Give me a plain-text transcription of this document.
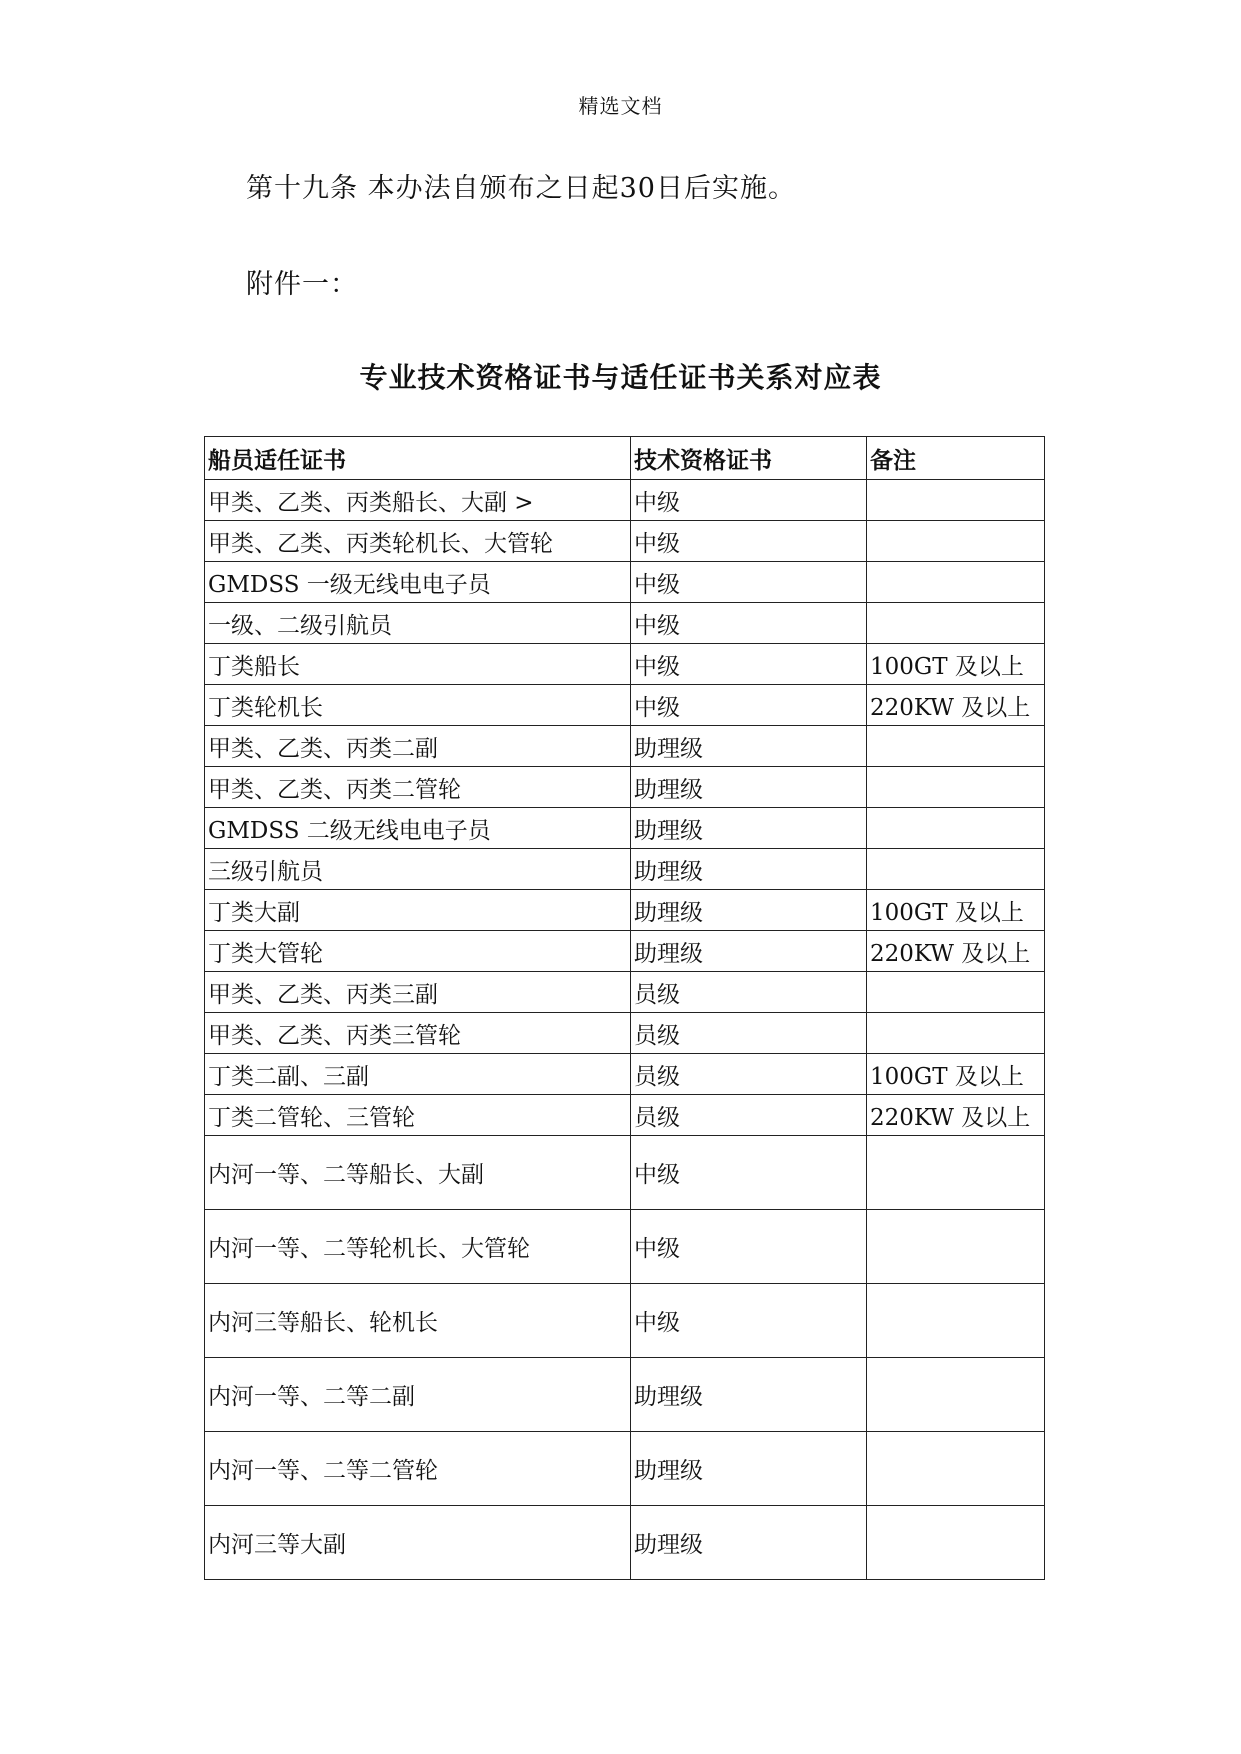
精选文档
第十九条 本办法自颁布之日起30日后实施。
附件一：
专业技术资格证书与适任证书关系对应表
船员适任证书	技术资格证书	备注
甲类、乙类、丙类船长、大副 >	中级	
甲类、乙类、丙类轮机长、大管轮	中级	
GMDSS 一级无线电电子员	中级	
一级、二级引航员	中级	
丁类船长	中级	100GT 及以上
丁类轮机长	中级	220KW 及以上
甲类、乙类、丙类二副	助理级	
甲类、乙类、丙类二管轮	助理级	
GMDSS 二级无线电电子员	助理级	
三级引航员	助理级	
丁类大副	助理级	100GT 及以上
丁类大管轮	助理级	220KW 及以上
甲类、乙类、丙类三副	员级	
甲类、乙类、丙类三管轮	员级	
丁类二副、三副	员级	100GT 及以上
丁类二管轮、三管轮	员级	220KW 及以上
内河一等、二等船长、大副	中级	
内河一等、二等轮机长、大管轮	中级	
内河三等船长、轮机长	中级	
内河一等、二等二副	助理级	
内河一等、二等二管轮	助理级	
内河三等大副	助理级	
